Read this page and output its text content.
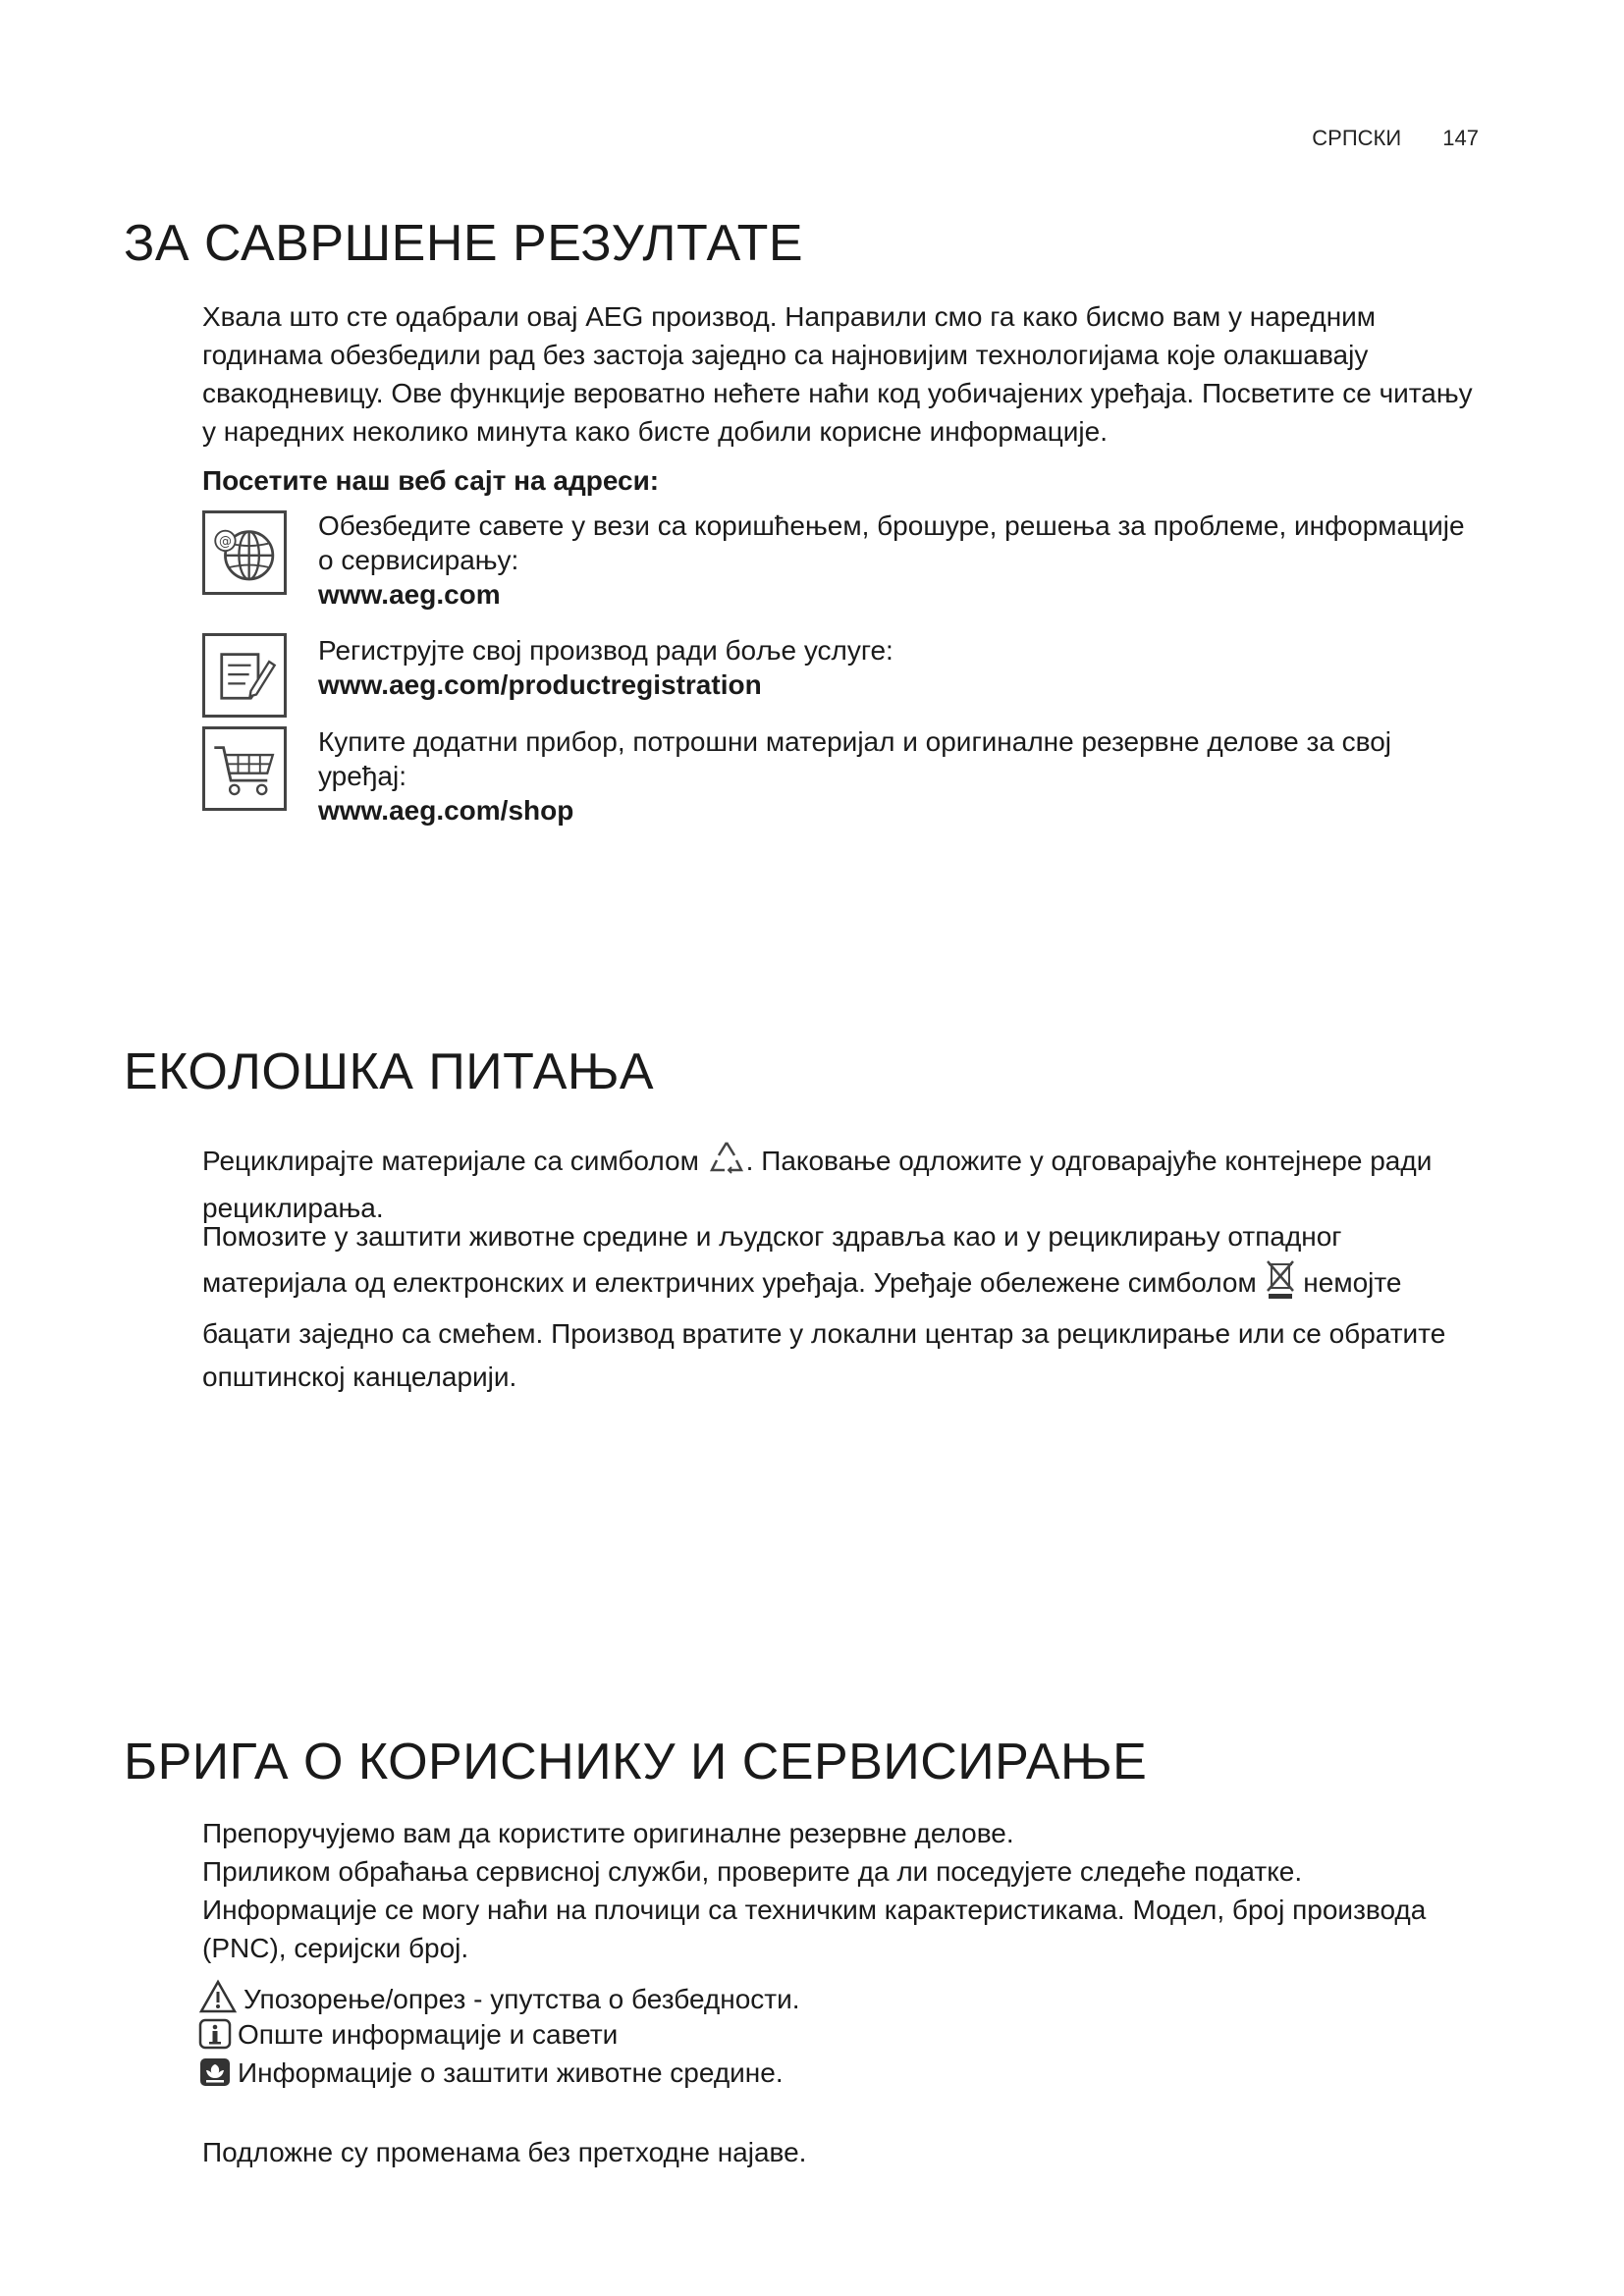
СРПСКИ 147
ЗА САВРШЕНЕ РЕЗУЛТАТЕ

Хвала што сте одабрали овај AEG производ. Направили смо га како бисмо вам у наредним годинама обезбедили рад без застоја заједно са најновијим технологијама које олакшавају свакодневицу. Ове функције вероватно нећете наћи код уобичајених уређаја. Посветите се читању у наредних неколико минута како бисте добили корисне информације.

Посетите наш веб сајт на адреси:

@
Обезбедите савете у вези са коришћењем, брошуре, решења за проблеме, информације о сервисирању:
www.aeg.com
Региструјте свој производ ради боље услуге:
www.aeg.com/productregistration
Купите додатни прибор, потрошни материјал и оригиналне резервне делове за свој уређај:
www.aeg.com/shop
ЕКОЛОШКА ПИТАЊА

Рециклирајте материјале са симболом . Паковање одложите у одговарајуће контејнере ради рециклирања.

Помозите у заштити животне средине и људског здравља као и у рециклирању отпадног материјала од електронских и електричних уређаја. Уређаје обележене симболом немојте бацати заједно са смећем. Производ вратите у локални центар за рециклирање или се обратите општинској канцеларији.

БРИГА О КОРИСНИКУ И СЕРВИСИРАЊЕ

Препоручујемо вам да користите оригиналне резервне делове.

Приликом обраћања сервисној служби, проверите да ли поседујете следеће податке.

Информације се могу наћи на плочици са техничким карактеристикама. Модел, број производа (PNC), серијски број.

Упозорење/опрез - упутства о безбедности.
Опште информације и савети
Информације о заштити животне средине.

Подложне су променама без претходне најаве.
